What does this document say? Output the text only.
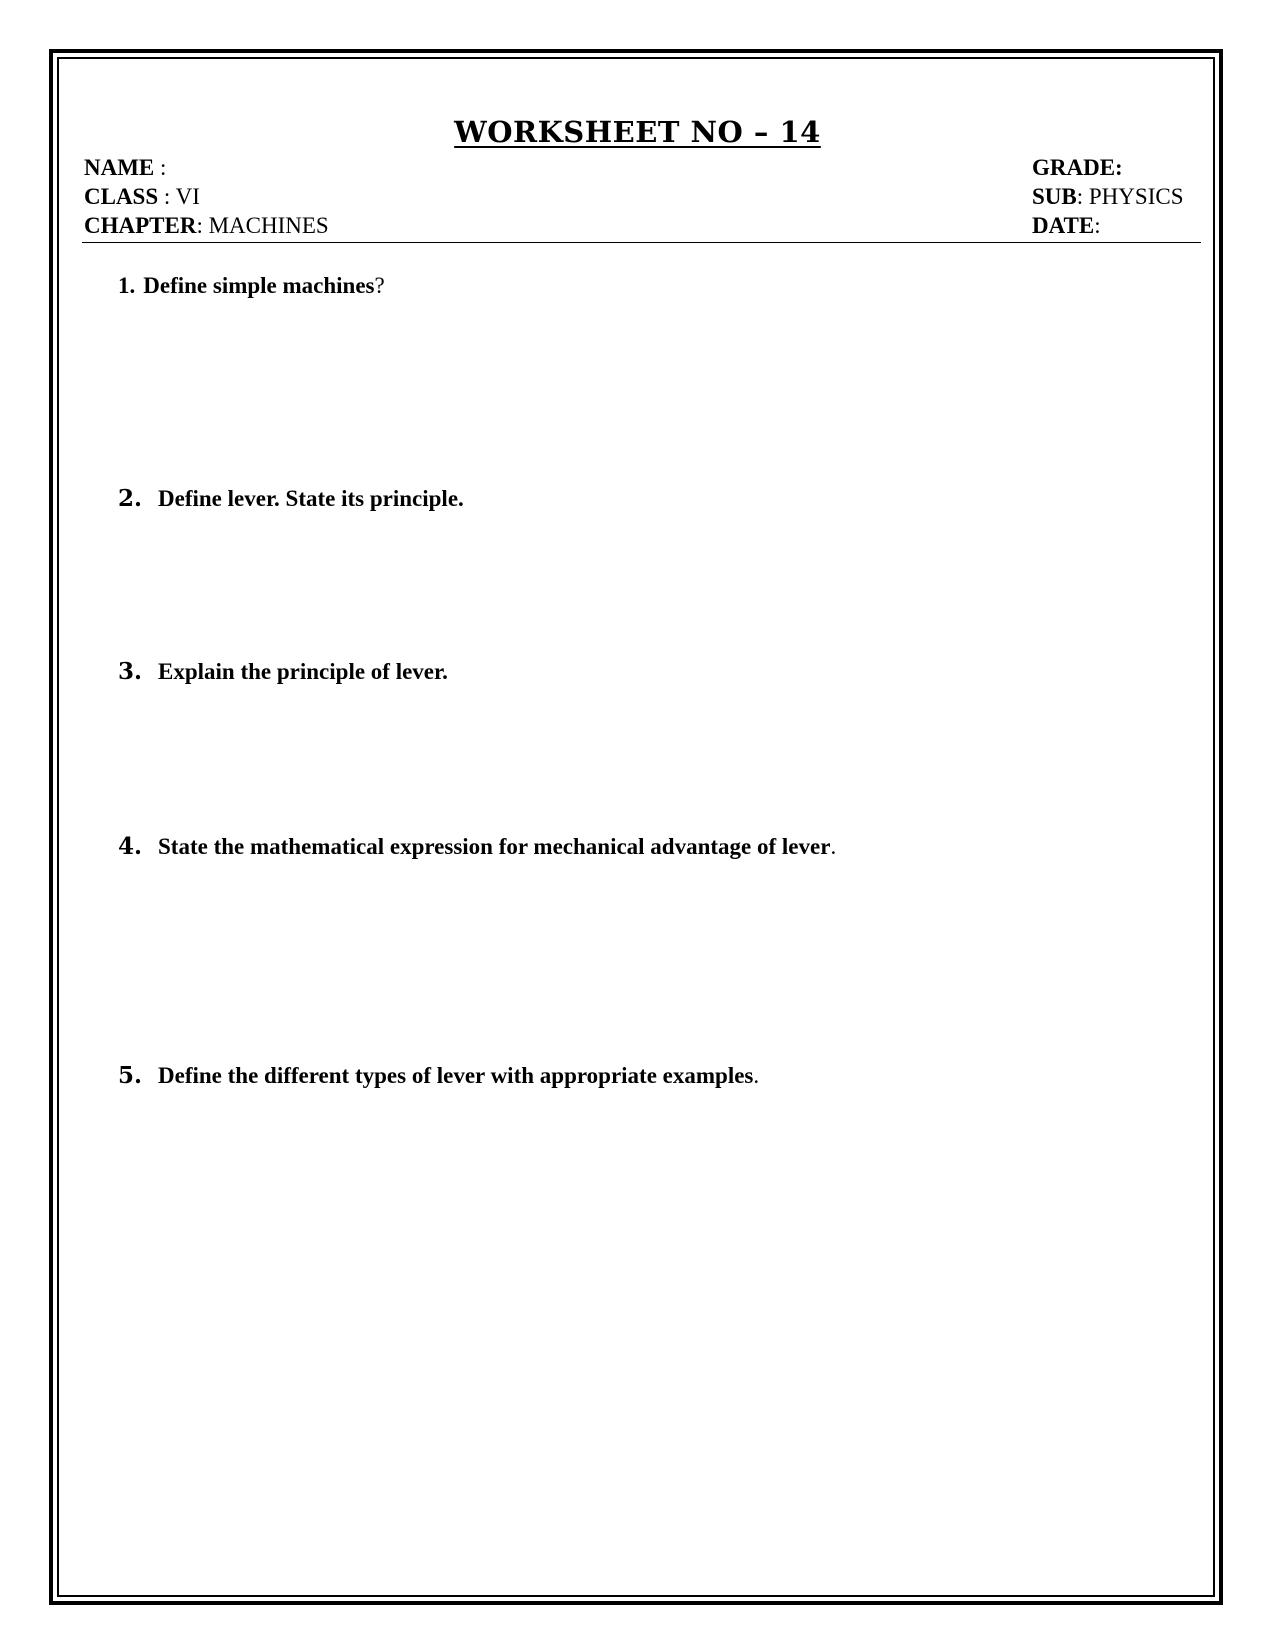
WORKSHEET NO – 14
NAME :
CLASS : VI
CHAPTER: MACHINES
GRADE:
SUB: PHYSICS
DATE:
1. Define simple machines?
2. Define lever. State its principle.
3. Explain the principle of lever.
4. State the mathematical expression for mechanical advantage of lever.
5. Define the different types of lever with appropriate examples.
